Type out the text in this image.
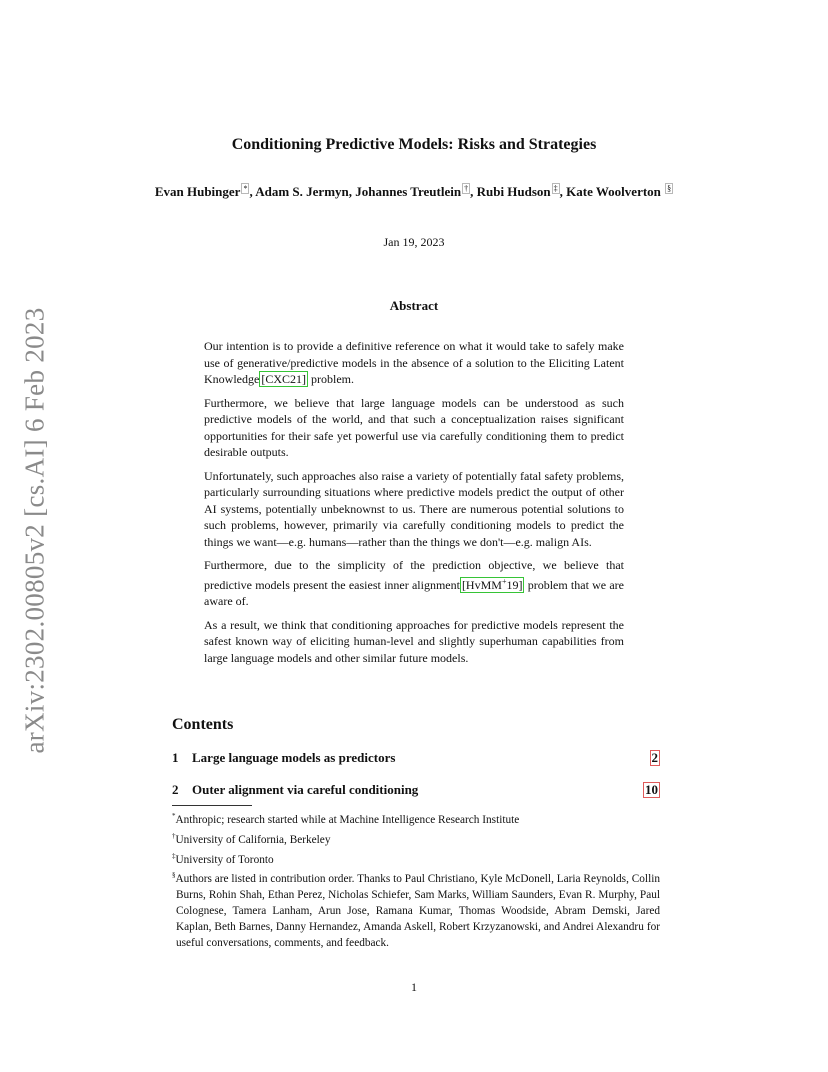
arXiv:2302.00805v2 [cs.AI] 6 Feb 2023
Conditioning Predictive Models: Risks and Strategies
Evan Hubinger * , Adam S. Jermyn, Johannes Treutlein † , Rubi Hudson ‡ , Kate Woolverton §
Jan 19, 2023
Abstract

Our intention is to provide a definitive reference on what it would take to safely make use of generative/predictive models in the absence of a solution to the Eliciting Latent Knowledge [CXC21] problem.

Furthermore, we believe that large language models can be understood as such predictive models of the world, and that such a conceptualization raises significant opportunities for their safe yet powerful use via carefully conditioning them to predict desirable outputs.

Unfortunately, such approaches also raise a variety of potentially fatal safety problems, particularly surrounding situations where predictive models predict the output of other AI systems, potentially unbeknownst to us. There are numerous potential solutions to such problems, however, primarily via carefully conditioning models to predict the things we want—e.g. humans—rather than the things we don't—e.g. malign AIs.

Furthermore, due to the simplicity of the prediction objective, we believe that predictive models present the easiest inner alignment [HvMM+19] problem that we are aware of.

As a result, we think that conditioning approaches for predictive models represent the safest known way of eliciting human-level and slightly superhuman capabilities from large language models and other similar future models.

Contents
1 Large language models as predictors	2
2 Outer alignment via careful conditioning	10
*Anthropic; research started while at Machine Intelligence Research Institute
†University of California, Berkeley
‡University of Toronto
§Authors are listed in contribution order. Thanks to Paul Christiano, Kyle McDonell, Laria Reynolds, Collin Burns, Rohin Shah, Ethan Perez, Nicholas Schiefer, Sam Marks, William Saunders, Evan R. Murphy, Paul Colognese, Tamera Lanham, Arun Jose, Ramana Kumar, Thomas Woodside, Abram Demski, Jared Kaplan, Beth Barnes, Danny Hernandez, Amanda Askell, Robert Krzyzanowski, and Andrei Alexandru for useful conversations, comments, and feedback.
1
